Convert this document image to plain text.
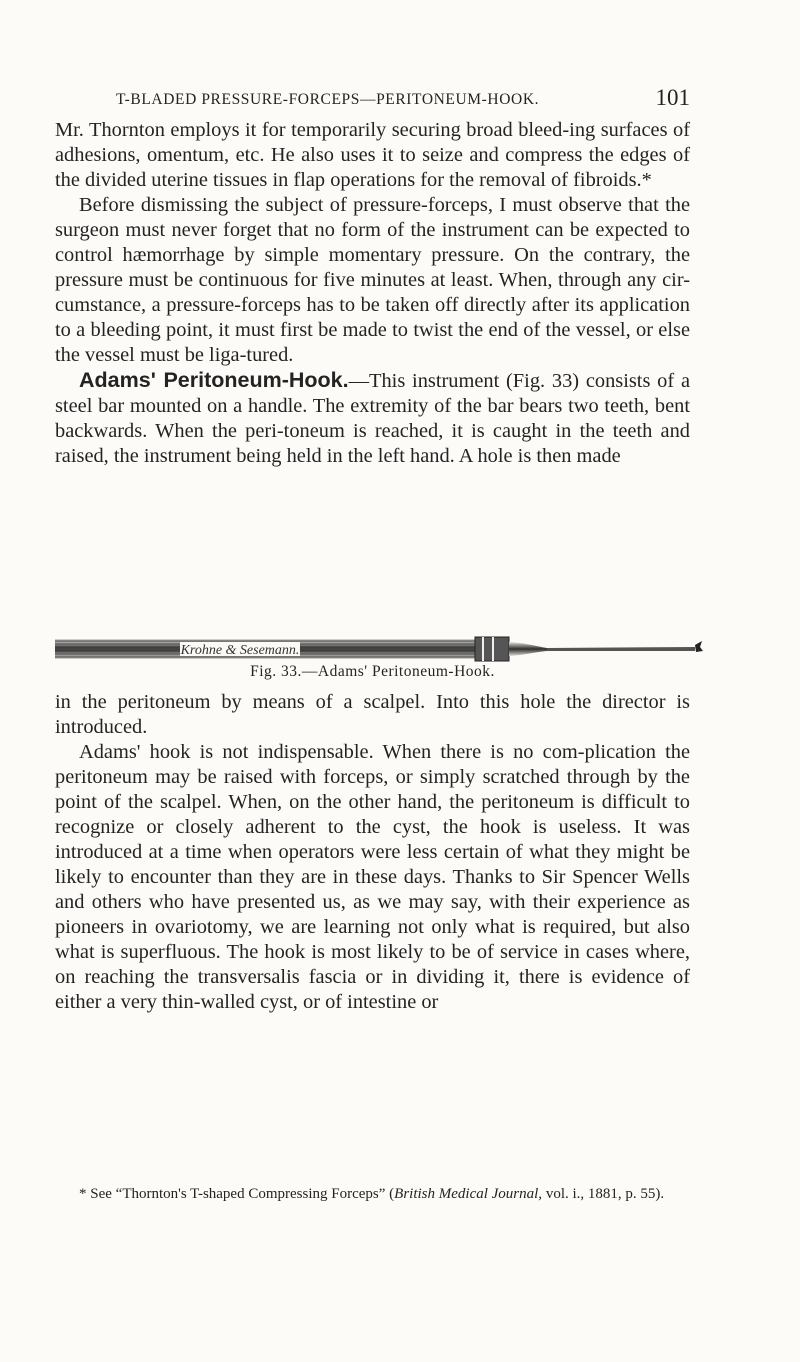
T-BLADED PRESSURE-FORCEPS—PERITONEUM-HOOK.	101

Mr. Thornton employs it for temporarily securing broad bleed-ing surfaces of adhesions, omentum, etc. He also uses it to seize and compress the edges of the divided uterine tissues in flap operations for the removal of fibroids.*

Before dismissing the subject of pressure-forceps, I must observe that the surgeon must never forget that no form of the instrument can be expected to control hæmorrhage by simple momentary pressure. On the contrary, the pressure must be continuous for five minutes at least. When, through any cir-cumstance, a pressure-forceps has to be taken off directly after its application to a bleeding point, it must first be made to twist the end of the vessel, or else the vessel must be liga-tured.

Adams' Peritoneum-Hook.—This instrument (Fig. 33) consists of a steel bar mounted on a handle. The extremity of the bar bears two teeth, bent backwards. When the peri-toneum is reached, it is caught in the teeth and raised, the instrument being held in the left hand. A hole is then made

Krohne & Sesemann.
Fig. 33.—Adams' Peritoneum-Hook.

in the peritoneum by means of a scalpel. Into this hole the director is introduced.

Adams' hook is not indispensable. When there is no com-plication the peritoneum may be raised with forceps, or simply scratched through by the point of the scalpel. When, on the other hand, the peritoneum is difficult to recognize or closely adherent to the cyst, the hook is useless. It was introduced at a time when operators were less certain of what they might be likely to encounter than they are in these days. Thanks to Sir Spencer Wells and others who have presented us, as we may say, with their experience as pioneers in ovariotomy, we are learning not only what is required, but also what is superfluous. The hook is most likely to be of service in cases where, on reaching the transversalis fascia or in dividing it, there is evidence of either a very thin-walled cyst, or of intestine or

* See “Thornton's T-shaped Compressing Forceps” (British Medical Journal, vol. i., 1881, p. 55).
